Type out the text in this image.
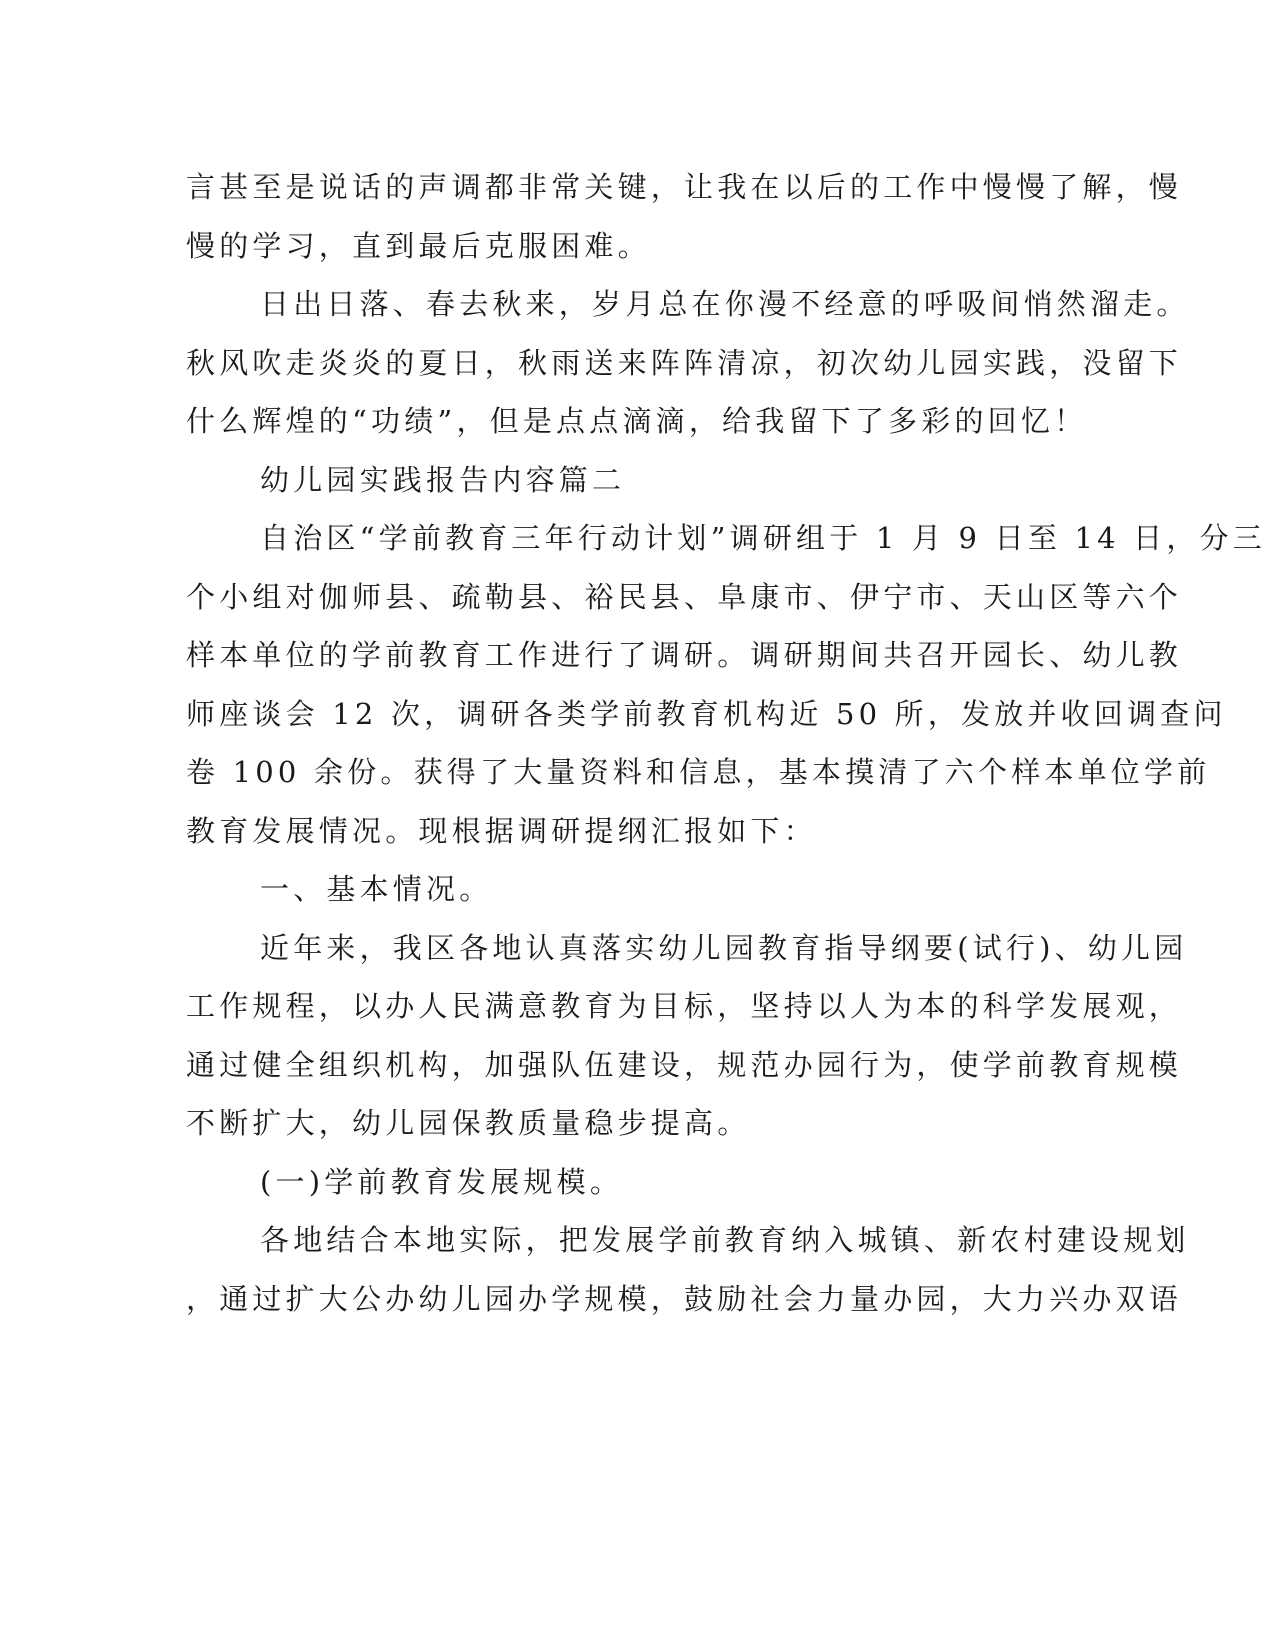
言甚至是说话的声调都非常关键，让我在以后的工作中慢慢了解，慢
慢的学习，直到最后克服困难。
日出日落、春去秋来，岁月总在你漫不经意的呼吸间悄然溜走。
秋风吹走炎炎的夏日，秋雨送来阵阵清凉，初次幼儿园实践，没留下
什么辉煌的“功绩”，但是点点滴滴，给我留下了多彩的回忆！
幼儿园实践报告内容篇二
自治区“学前教育三年行动计划”调研组于 1 月 9 日至 14 日，分三
个小组对伽师县、疏勒县、裕民县、阜康市、伊宁市、天山区等六个
样本单位的学前教育工作进行了调研。调研期间共召开园长、幼儿教
师座谈会 12 次，调研各类学前教育机构近 50 所，发放并收回调查问
卷 100 余份。获得了大量资料和信息，基本摸清了六个样本单位学前
教育发展情况。现根据调研提纲汇报如下：
一、基本情况。
近年来，我区各地认真落实幼儿园教育指导纲要(试行)、幼儿园
工作规程，以办人民满意教育为目标，坚持以人为本的科学发展观，
通过健全组织机构，加强队伍建设，规范办园行为，使学前教育规模
不断扩大，幼儿园保教质量稳步提高。
(一)学前教育发展规模。
各地结合本地实际，把发展学前教育纳入城镇、新农村建设规划
，通过扩大公办幼儿园办学规模，鼓励社会力量办园，大力兴办双语
